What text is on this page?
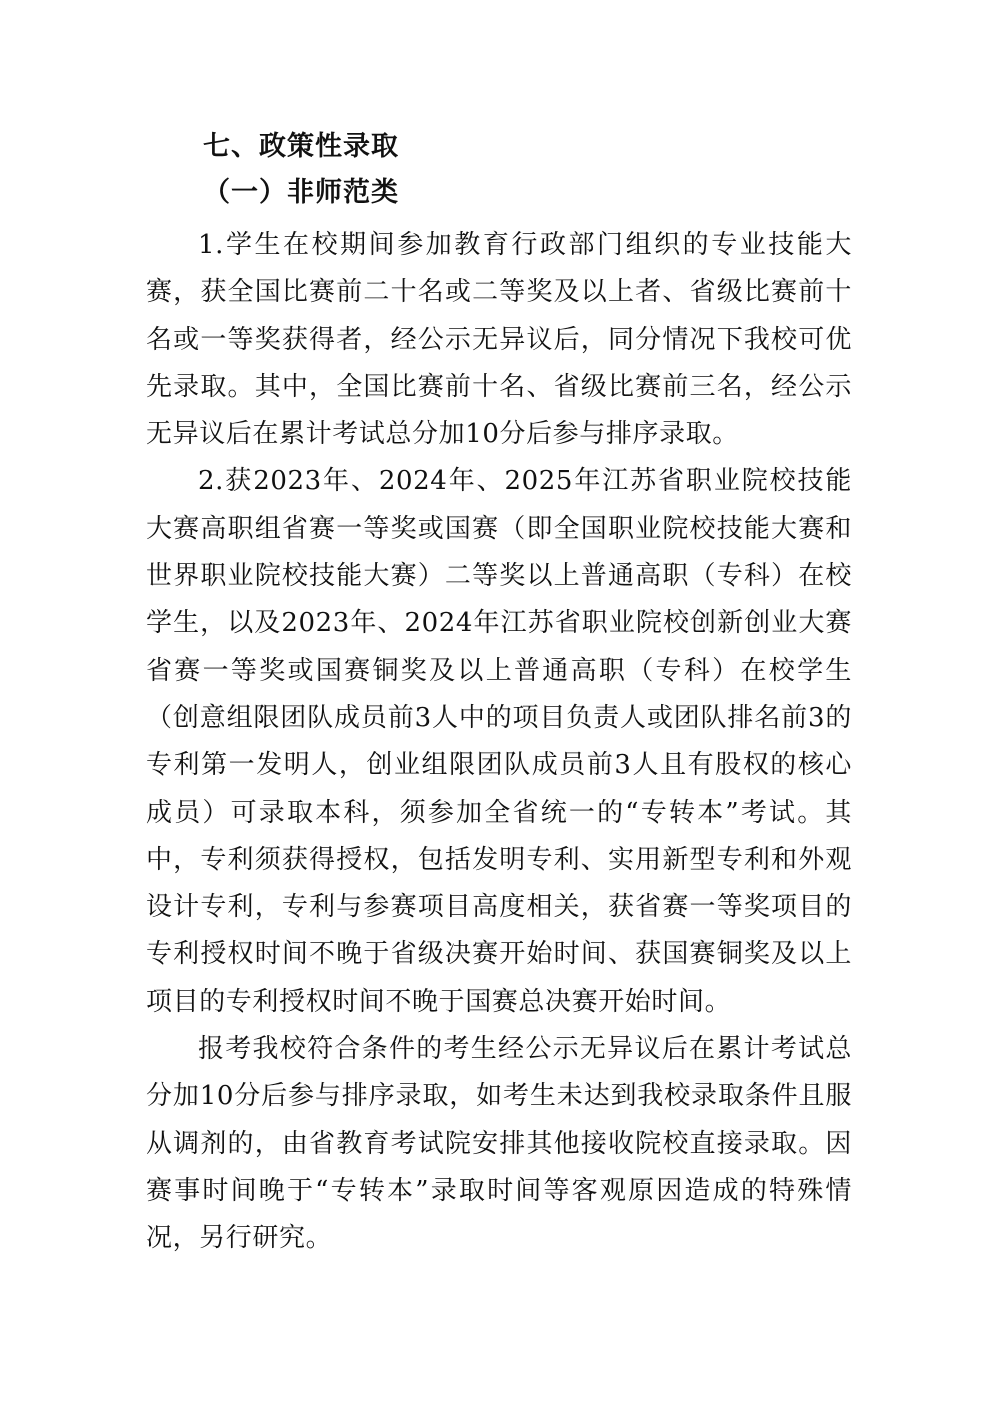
七、政策性录取
（一）非师范类

1.学生在校期间参加教育行政部门组织的专业技能大赛，获全国比赛前二十名或二等奖及以上者、省级比赛前十名或一等奖获得者，经公示无异议后，同分情况下我校可优先录取。其中，全国比赛前十名、省级比赛前三名，经公示无异议后在累计考试总分加10分后参与排序录取。

2.获2023年、2024年、2025年江苏省职业院校技能大赛高职组省赛一等奖或国赛（即全国职业院校技能大赛和世界职业院校技能大赛）二等奖以上普通高职（专科）在校学生，以及2023年、2024年江苏省职业院校创新创业大赛省赛一等奖或国赛铜奖及以上普通高职（专科）在校学生（创意组限团队成员前3人中的项目负责人或团队排名前3的专利第一发明人，创业组限团队成员前3人且有股权的核心成员）可录取本科，须参加全省统一的“专转本”考试。其中，专利须获得授权，包括发明专利、实用新型专利和外观设计专利，专利与参赛项目高度相关，获省赛一等奖项目的专利授权时间不晚于省级决赛开始时间、获国赛铜奖及以上项目的专利授权时间不晚于国赛总决赛开始时间。

报考我校符合条件的考生经公示无异议后在累计考试总分加10分后参与排序录取，如考生未达到我校录取条件且服从调剂的，由省教育考试院安排其他接收院校直接录取。因赛事时间晚于“专转本”录取时间等客观原因造成的特殊情况，另行研究。
